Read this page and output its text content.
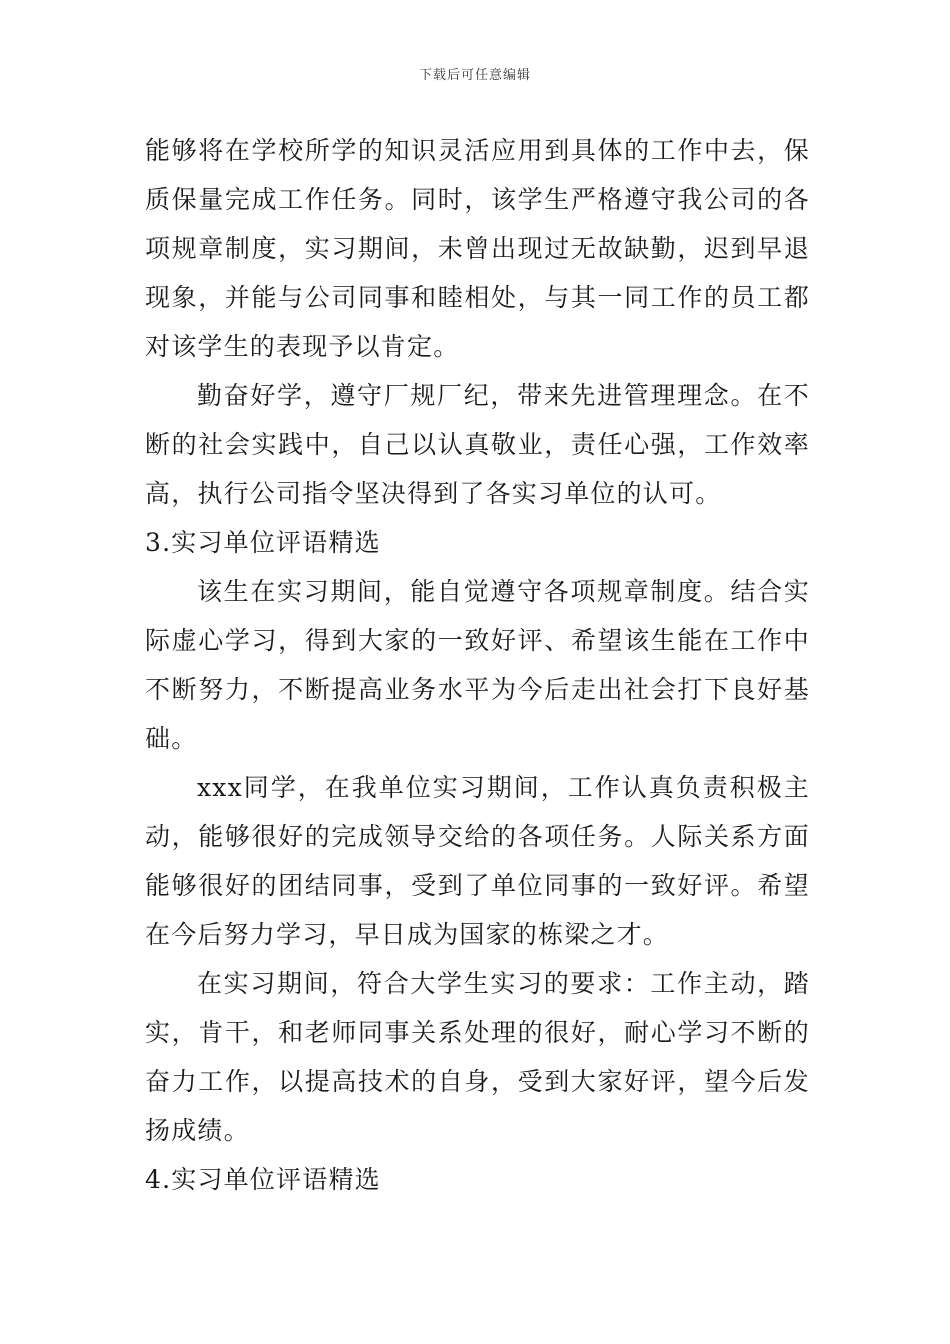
下载后可任意编辑

能够将在学校所学的知识灵活应用到具体的工作中去，保质保量完成工作任务。同时，该学生严格遵守我公司的各项规章制度，实习期间，未曾出现过无故缺勤，迟到早退现象，并能与公司同事和睦相处，与其一同工作的员工都对该学生的表现予以肯定。

勤奋好学，遵守厂规厂纪，带来先进管理理念。在不断的社会实践中，自己以认真敬业，责任心强，工作效率高，执行公司指令坚决得到了各实习单位的认可。

3.实习单位评语精选

该生在实习期间，能自觉遵守各项规章制度。结合实际虚心学习，得到大家的一致好评、希望该生能在工作中不断努力，不断提高业务水平为今后走出社会打下良好基础。

xxx同学，在我单位实习期间，工作认真负责积极主动，能够很好的完成领导交给的各项任务。人际关系方面能够很好的团结同事，受到了单位同事的一致好评。希望在今后努力学习，早日成为国家的栋梁之才。

在实习期间，符合大学生实习的要求：工作主动，踏实，肯干，和老师同事关系处理的很好，耐心学习不断的奋力工作，以提高技术的自身，受到大家好评，望今后发扬成绩。

4.实习单位评语精选
